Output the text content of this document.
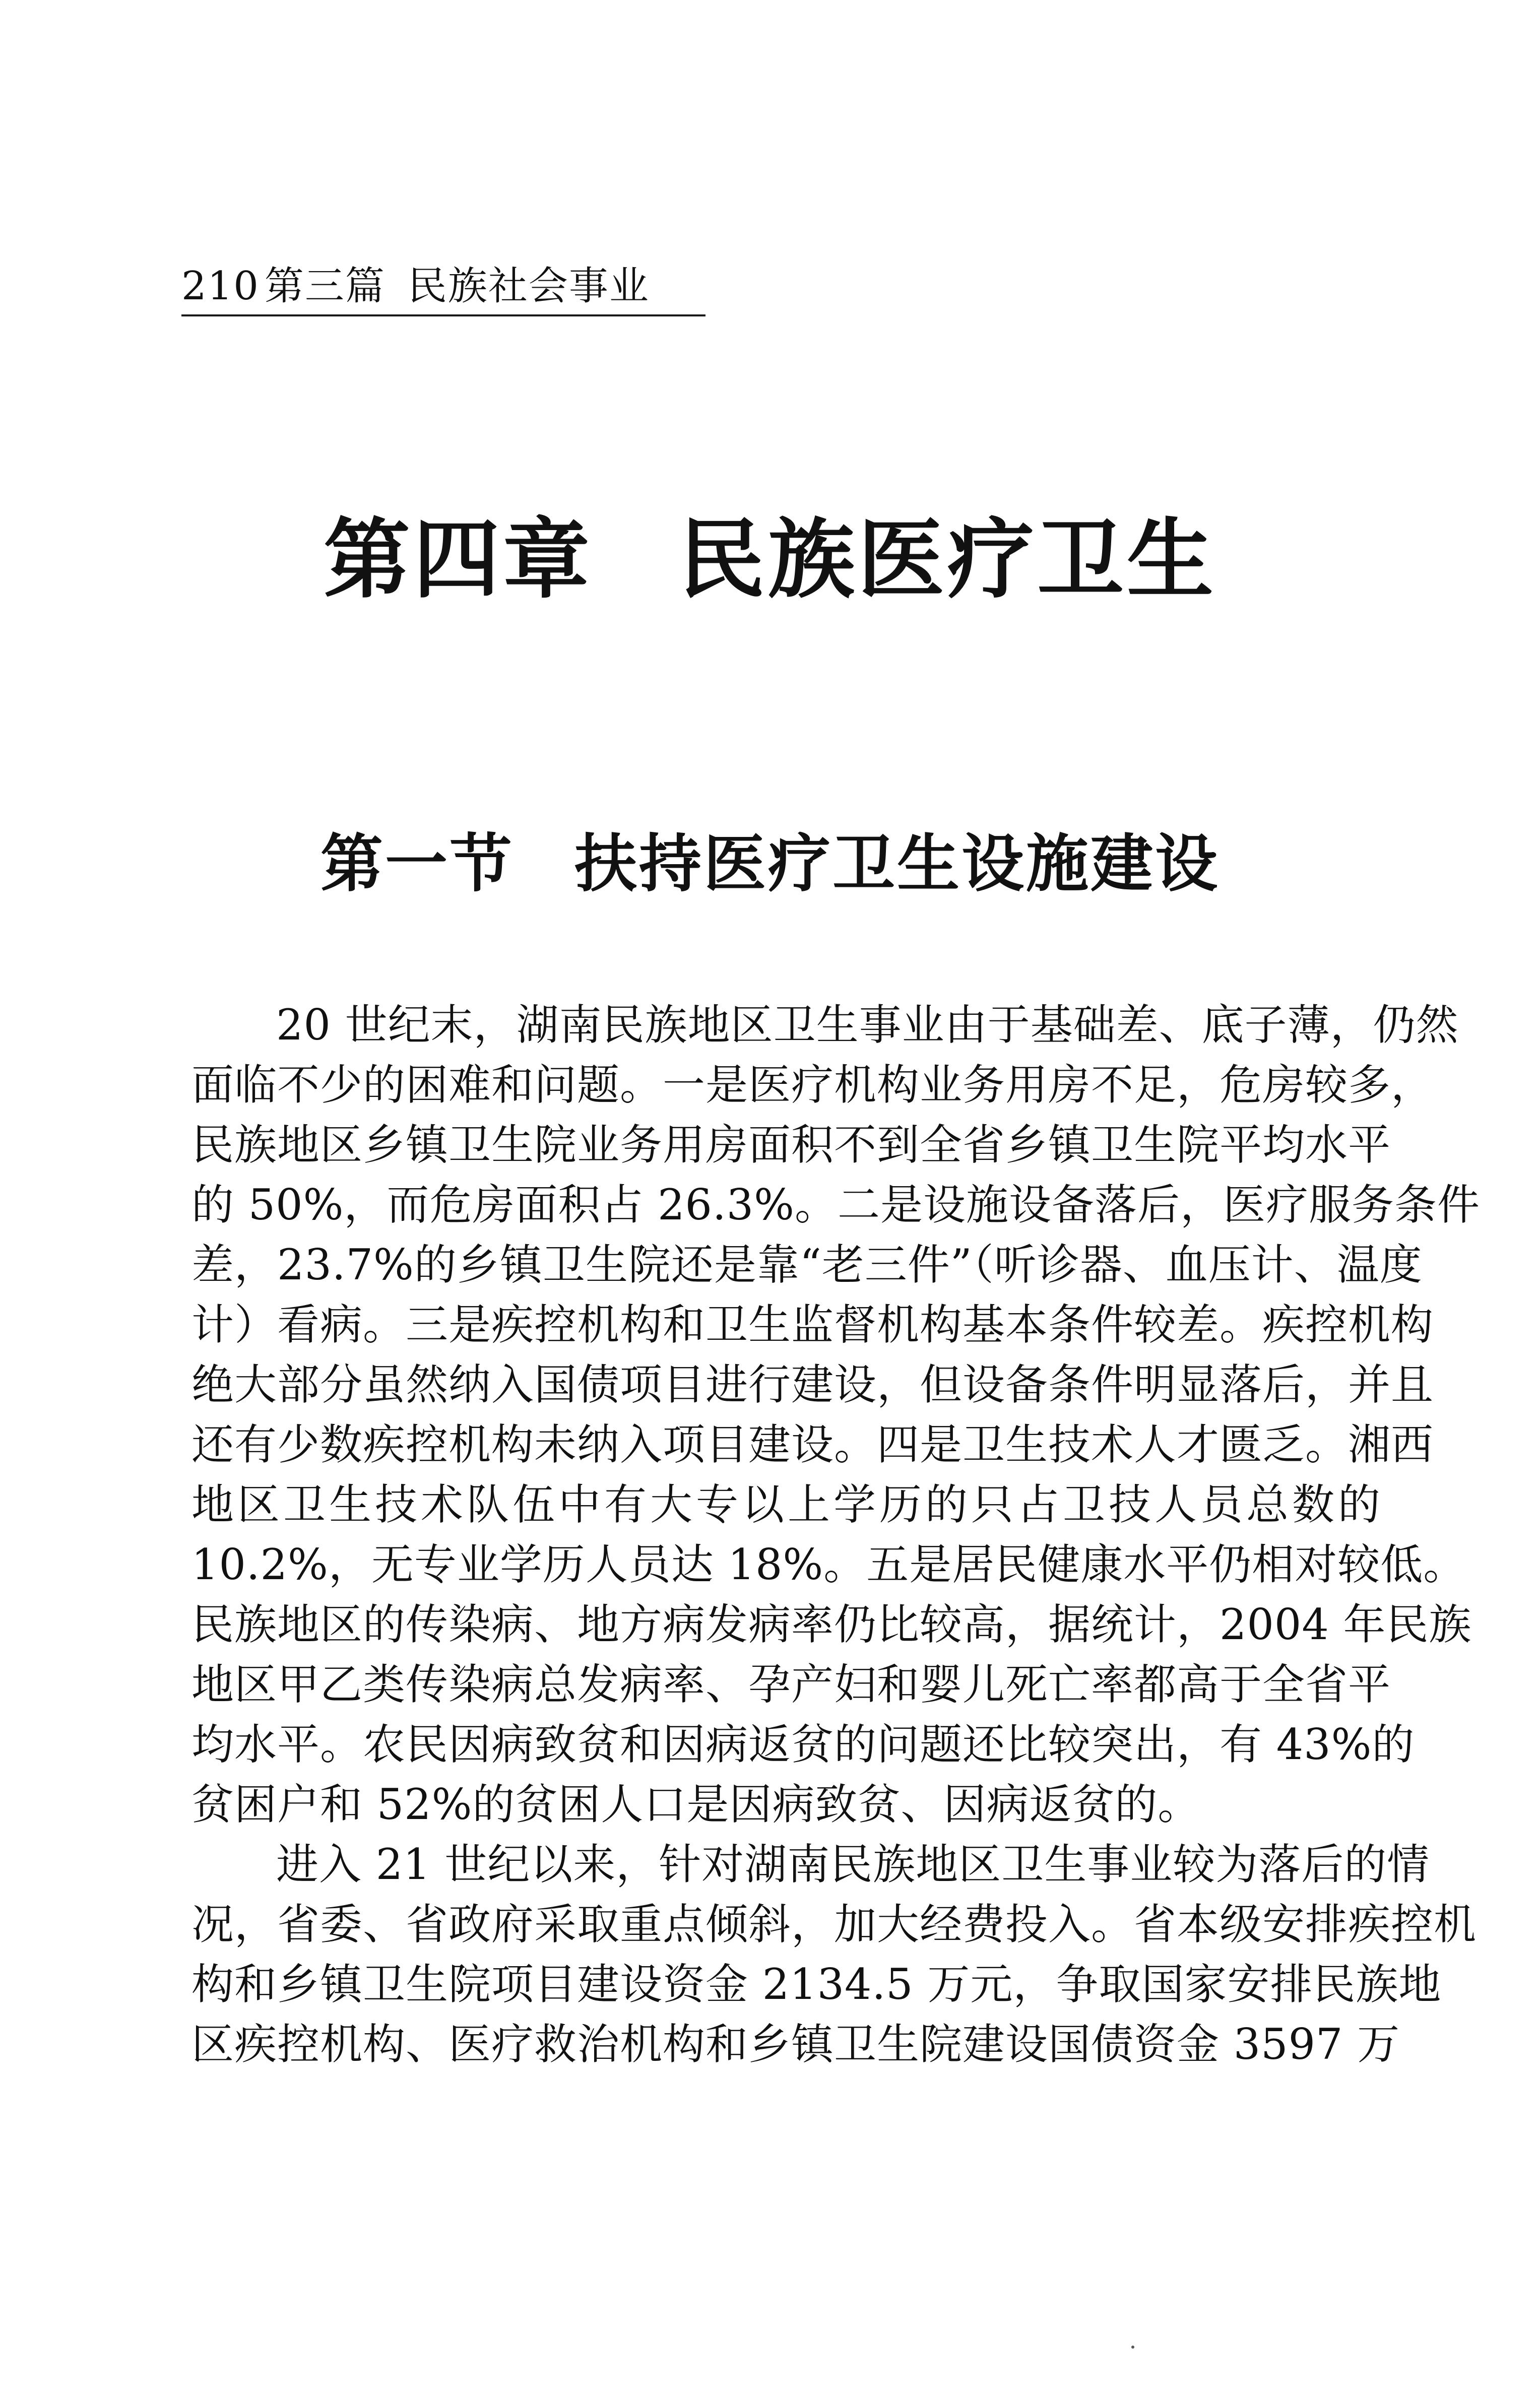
210 第三篇 民族社会事业
第四章 民族医疗卫生
第一节 扶持医疗卫生设施建设
20 世纪末，湖南民族地区卫生事业由于基础差、底子薄，仍然
面临不少的困难和问题。一是医疗机构业务用房不足，危房较多，
民族地区乡镇卫生院业务用房面积不到全省乡镇卫生院平均水平
的 50%，而危房面积占 26.3%。二是设施设备落后，医疗服务条件
差，23.7%的乡镇卫生院还是靠“老三件”（听诊器、血压计、温度
计）看病。三是疾控机构和卫生监督机构基本条件较差。疾控机构
绝大部分虽然纳入国债项目进行建设，但设备条件明显落后，并且
还有少数疾控机构未纳入项目建设。四是卫生技术人才匮乏。湘西
地区卫生技术队伍中有大专以上学历的只占卫技人员总数的
10.2%，无专业学历人员达 18%。五是居民健康水平仍相对较低。
民族地区的传染病、地方病发病率仍比较高，据统计，2004 年民族
地区甲乙类传染病总发病率、孕产妇和婴儿死亡率都高于全省平
均水平。农民因病致贫和因病返贫的问题还比较突出，有 43%的
贫困户和 52%的贫困人口是因病致贫、因病返贫的。
进入 21 世纪以来，针对湖南民族地区卫生事业较为落后的情
况，省委、省政府采取重点倾斜，加大经费投入。省本级安排疾控机
构和乡镇卫生院项目建设资金 2134.5 万元，争取国家安排民族地
区疾控机构、医疗救治机构和乡镇卫生院建设国债资金 3597 万
